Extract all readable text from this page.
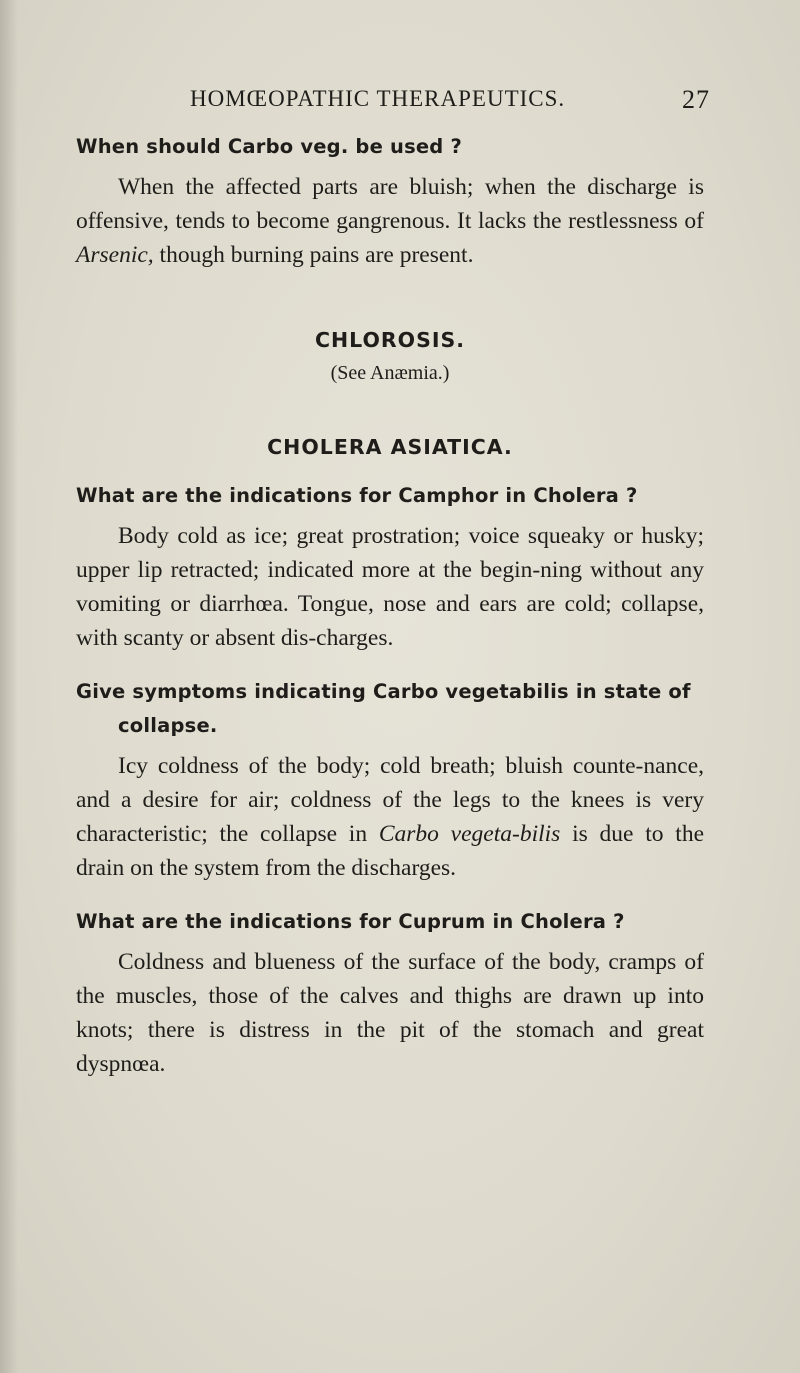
HOMŒOPATHIC THERAPEUTICS.	27

When should Carbo veg. be used ?

When the affected parts are bluish; when the discharge is offensive, tends to become gangrenous. It lacks the restlessness of Arsenic, though burning pains are present.

CHLOROSIS.

(See Anæmia.)

CHOLERA ASIATICA.

What are the indications for Camphor in Cholera ?

Body cold as ice; great prostration; voice squeaky or husky; upper lip retracted; indicated more at the begin-ning without any vomiting or diarrhœa. Tongue, nose and ears are cold; collapse, with scanty or absent dis-charges.

Give symptoms indicating Carbo vegetabilis in state of collapse.

Icy coldness of the body; cold breath; bluish counte-nance, and a desire for air; coldness of the legs to the knees is very characteristic; the collapse in Carbo vegeta-bilis is due to the drain on the system from the discharges.

What are the indications for Cuprum in Cholera ?

Coldness and blueness of the surface of the body, cramps of the muscles, those of the calves and thighs are drawn up into knots; there is distress in the pit of the stomach and great dyspnœa.
